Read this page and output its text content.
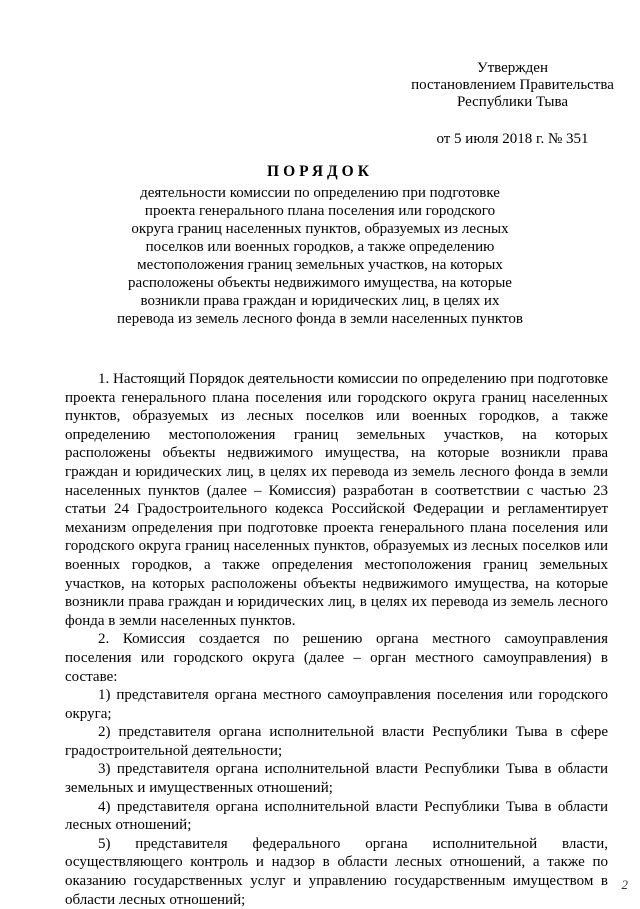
Утвержден
постановлением Правительства
Республики Тыва
от 5 июля 2018 г. № 351
ПОРЯДОК
деятельности комиссии по определению при подготовке
проекта генерального плана поселения или городского
округа границ населенных пунктов, образуемых из лесных
поселков или военных городков, а также определению
местоположения границ земельных участков, на которых
расположены объекты недвижимого имущества, на которые
возникли права граждан и юридических лиц, в целях их
перевода из земель лесного фонда в земли населенных пунктов

1. Настоящий Порядок деятельности комиссии по определению при подготовке проекта генерального плана поселения или городского округа границ населенных пунктов, образуемых из лесных поселков или военных городков, а также определению местоположения границ земельных участков, на которых расположены объекты недвижимого имущества, на которые возникли права граждан и юридических лиц, в целях их перевода из земель лесного фонда в земли населенных пунктов (далее – Комиссия) разработан в соответствии с частью 23 статьи 24 Градостроительного кодекса Российской Федерации и регламентирует механизм определения при подготовке проекта генерального плана поселения или городского округа границ населенных пунктов, образуемых из лесных поселков или военных городков, а также определения местоположения границ земельных участков, на которых расположены объекты недвижимого имущества, на которые возникли права граждан и юридических лиц, в целях их перевода из земель лесного фонда в земли населенных пунктов.

2. Комиссия создается по решению органа местного самоуправления поселения или городского округа (далее – орган местного самоуправления) в составе:

1) представителя органа местного самоуправления поселения или городского округа;

2) представителя органа исполнительной власти Республики Тыва в сфере градостроительной деятельности;

3) представителя органа исполнительной власти Республики Тыва в области земельных и имущественных отношений;

4) представителя органа исполнительной власти Республики Тыва в области лесных отношений;

5) представителя федерального органа исполнительной власти, осуществляющего контроль и надзор в области лесных отношений, а также по оказанию государственных услуг и управлению государственным имуществом в области лесных отношений;

2
